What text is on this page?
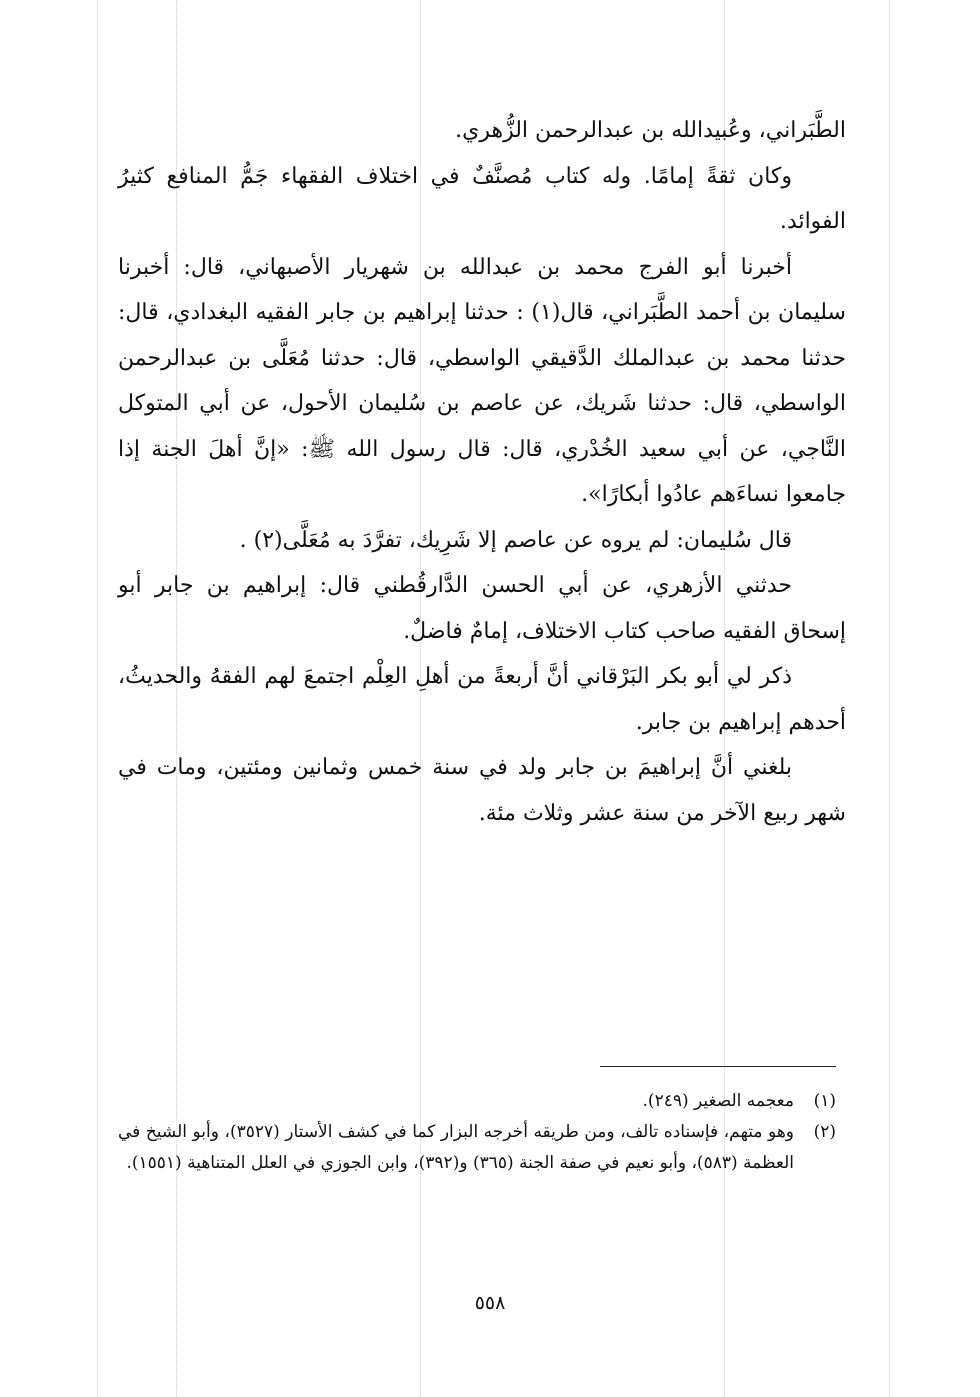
الطَّبَراني، وعُبيدالله بن عبدالرحمن الزُّهري.

وكان ثقةً إمامًا. وله كتاب مُصنَّفٌ في اختلاف الفقهاء جَمُّ المنافع كثيرُ الفوائد.

أخبرنا أبو الفرج محمد بن عبدالله بن شهريار الأصبهاني، قال: أخبرنا سليمان بن أحمد الطَّبَراني، قال(١) : حدثنا إبراهيم بن جابر الفقيه البغدادي، قال: حدثنا محمد بن عبدالملك الدَّقيقي الواسطي، قال: حدثنا مُعَلَّى بن عبدالرحمن الواسطي، قال: حدثنا شَريك، عن عاصم بن سُليمان الأحول، عن أبي المتوكل النَّاجي، عن أبي سعيد الخُدْري، قال: قال رسول الله ﷺ: «إنَّ أهلَ الجنة إذا جامعوا نساءَهم عادُوا أبكارًا».

قال سُليمان: لم يروه عن عاصم إلا شَرِيك، تفرَّدَ به مُعَلَّى(٢) .

حدثني الأزهري، عن أبي الحسن الدَّارقُطني قال: إبراهيم بن جابر أبو إسحاق الفقيه صاحب كتاب الاختلاف، إمامٌ فاضلٌ.

ذكر لي أبو بكر البَرْقاني أنَّ أربعةً من أهلِ العِلْم اجتمعَ لهم الفقهُ والحديثُ، أحدهم إبراهيم بن جابر.

بلغني أنَّ إبراهيمَ بن جابر ولد في سنة خمس وثمانين ومئتين، ومات في شهر ربيع الآخر من سنة عشر وثلاث مئة.

(١)
معجمه الصغير (٢٤٩).
(٢)
وهو متهم، فإسناده تالف، ومن طريقه أخرجه البزار كما في كشف الأستار (٣٥٢٧)، وأبو الشيخ في العظمة (٥٨٣)، وأبو نعيم في صفة الجنة (٣٦٥) و(٣٩٢)، وابن الجوزي في العلل المتناهية (١٥٥١).
٥٥٨
